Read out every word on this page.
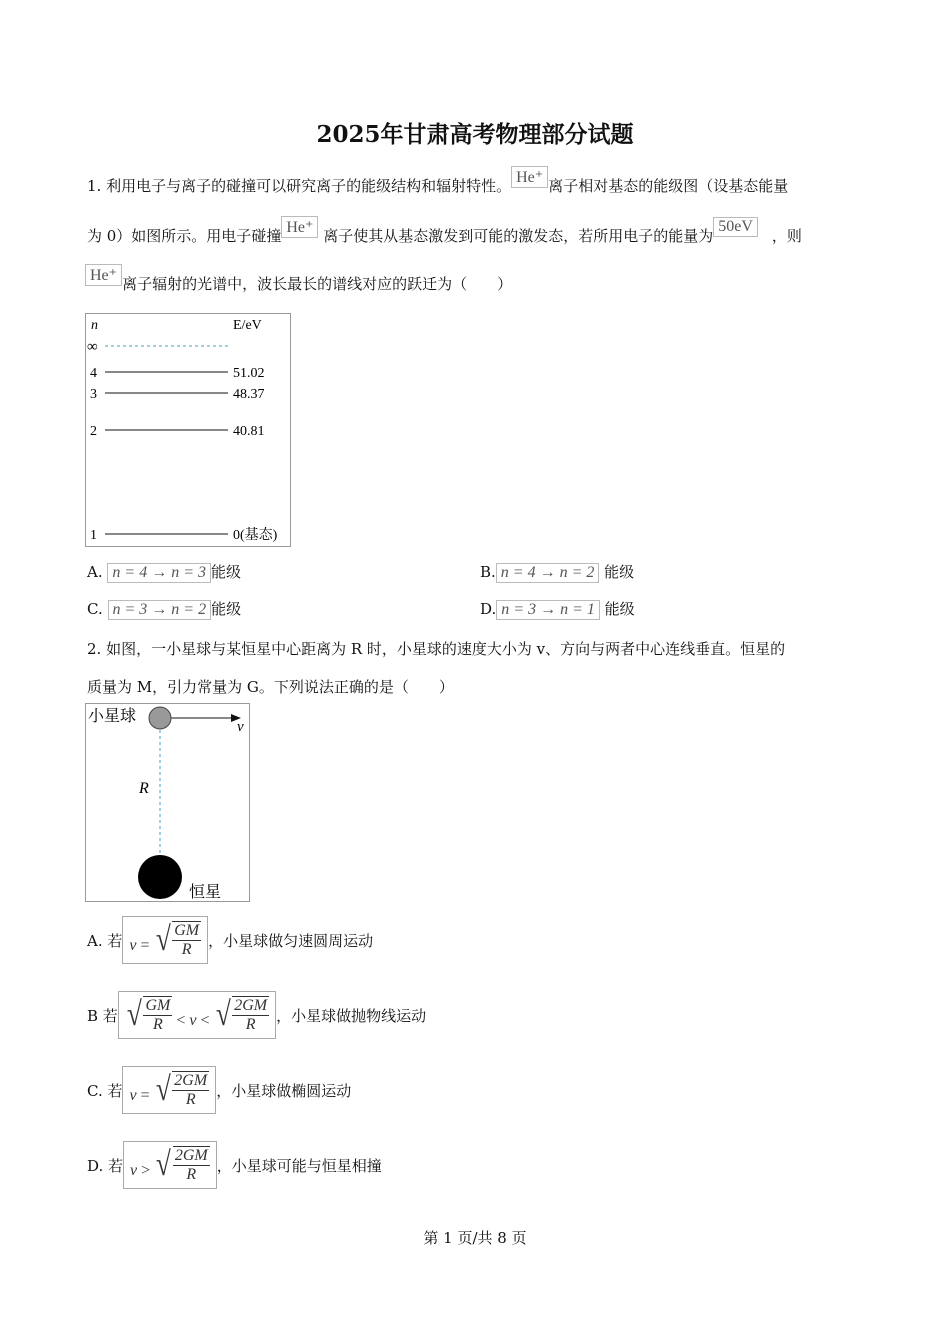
2025年甘肃高考物理部分试题
1. 利用电子与离子的碰撞可以研究离子的能级结构和辐射特性。 He⁺ 离子相对基态的能级图（设基态能量
为 0）如图所示。用电子碰撞 He⁺ 离子使其从基态激发到可能的激发态，若所用电子的能量为50eV，则
He⁺ 离子辐射的光谱中，波长最长的谱线对应的跃迁为（　　）
n	E/eV
∞
4	51.02
3	48.37
2	40.81
1	0(基态)
A. n = 4 → n = 3 能级	B. n = 4 → n = 2 能级
C. n = 3 → n = 2 能级	D. n = 3 → n = 1 能级
2. 如图，一小星球与某恒星中心距离为 R 时，小星球的速度大小为 v、方向与两者中心连线垂直。恒星的
质量为 M，引力常量为 G。下列说法正确的是（　　）
小星球
v
R
恒星
A. 若 v = √ $\frac{GM}{R}$ ，小星球做匀速圆周运动
B 若 √ $\frac{GM}{R} < v$ < √ $\frac{2GM}{R}$ ，小星球做抛物线运动
C. 若 v = √ $\frac{2GM}{R}$ ，小星球做椭圆运动
D. 若 v > √ $\frac{2GM}{R}$ ，小星球可能与恒星相撞
第 1 页/共 8 页
